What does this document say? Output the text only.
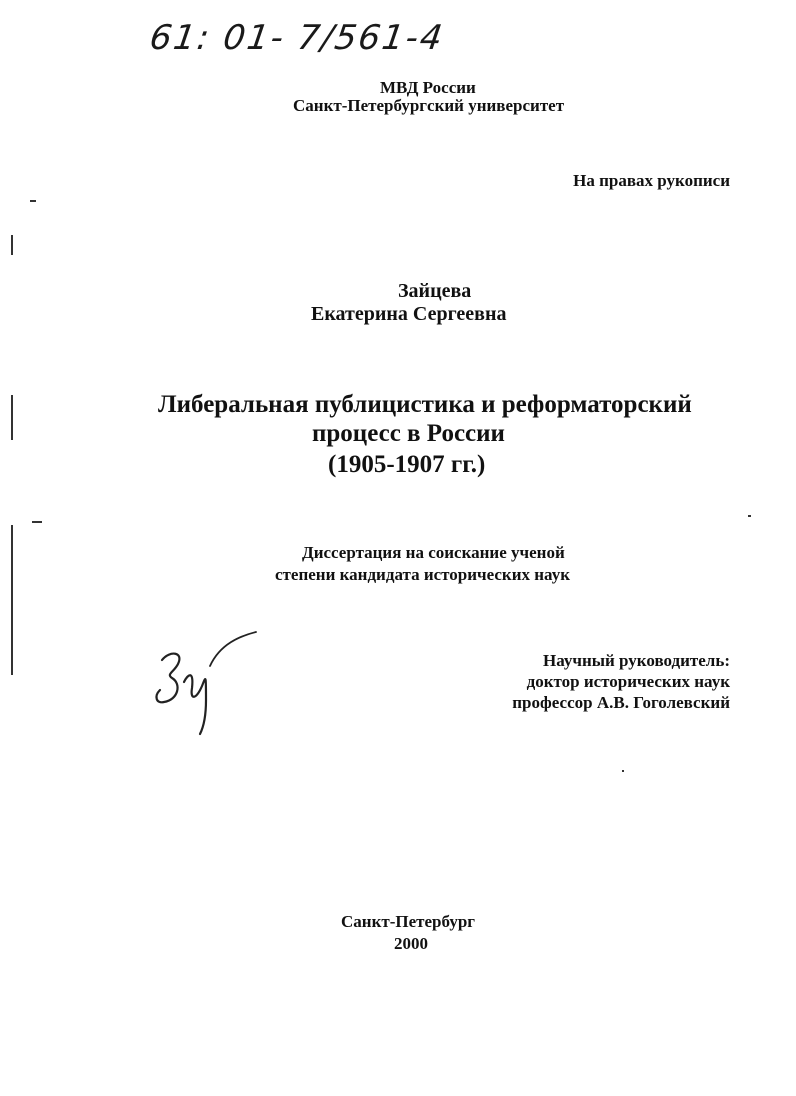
61: 01- 7/561-4
МВД России
Санкт-Петербургский университет
На правах рукописи
Зайцева
Екатерина Сергеевна
Либеральная публицистика и реформаторский
процесс в России
(1905-1907 гг.)
Диссертация на соискание ученой
степени кандидата исторических наук
Научный руководитель:
доктор исторических наук
профессор А.В. Гоголевский
Санкт-Петербург
2000
